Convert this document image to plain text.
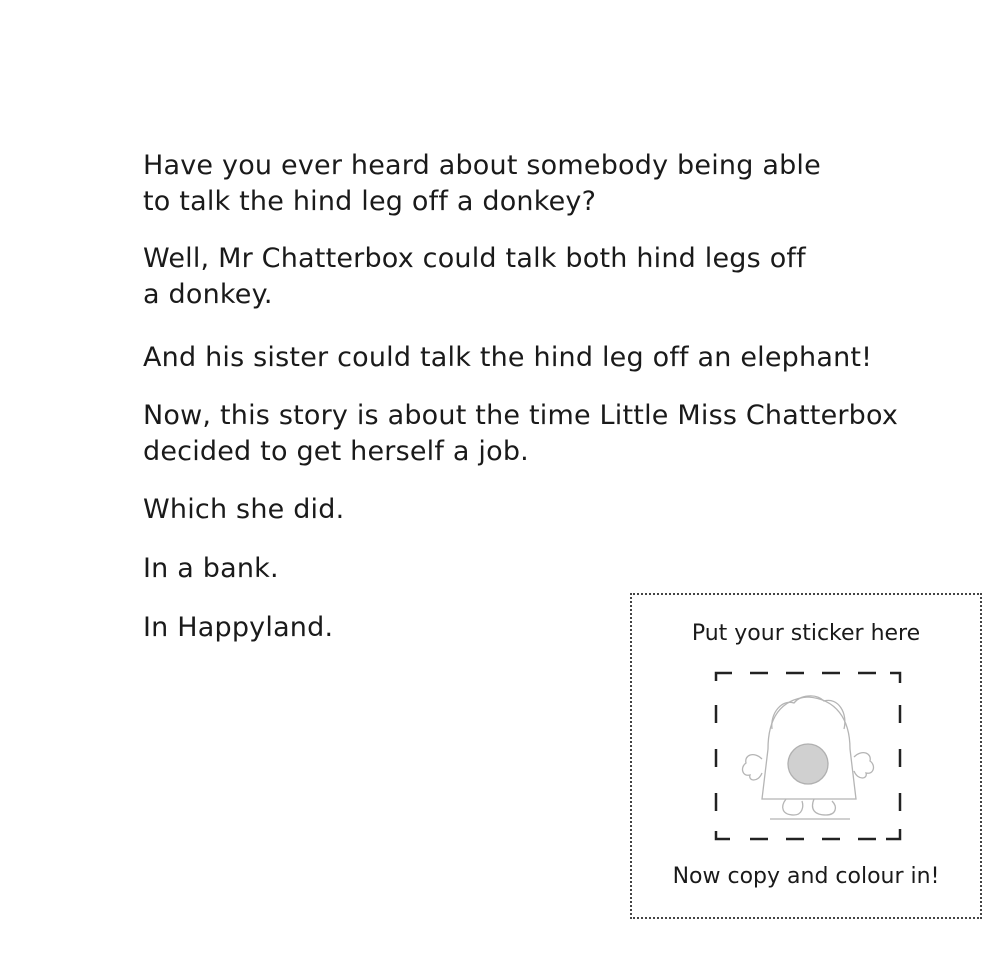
Have you ever heard about somebody being able
to talk the hind leg off a donkey?

Well, Mr Chatterbox could talk both hind legs off
a donkey.

And his sister could talk the hind leg off an elephant!

Now, this story is about the time Little Miss Chatterbox
decided to get herself a job.

Which she did.

In a bank.

In Happyland.	Put your sticker here
Now copy and colour in!
